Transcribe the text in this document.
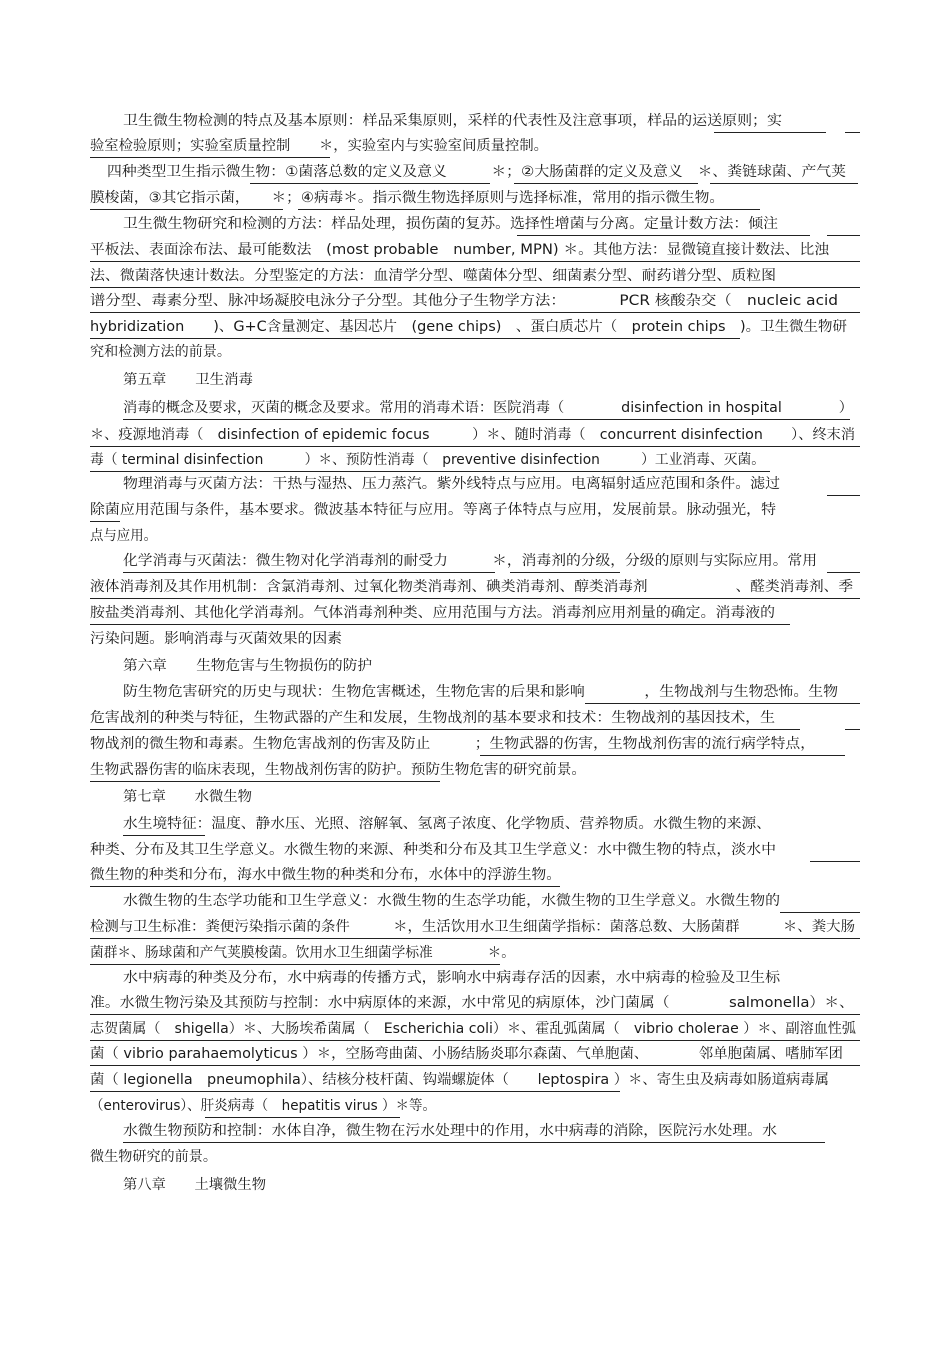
卫生微生物检测的特点及基本原则：样品采集原则，采样的代表性及注意事项，样品的运送原则；实
验室检验原则；实验室质量控制　　＊，实验室内与实验室间质量控制。
四种类型卫生指示微生物：①菌落总数的定义及意义　　　＊；②大肠菌群的定义及意义　＊、粪链球菌、产气荚
膜梭菌，③其它指示菌，　　＊；④病毒＊。指示微生物选择原则与选择标准，常用的指示微生物。
卫生微生物研究和检测的方法：样品处理，损伤菌的复苏。选择性增菌与分离。定量计数方法：倾注
平板法、表面涂布法、最可能数法　(most probable　number, MPN) ＊。其他方法：显微镜直接计数法、比浊
法、微菌落快速计数法。分型鉴定的方法：血清学分型、噬菌体分型、细菌素分型、耐药谱分型、质粒图
谱分型、毒素分型、脉冲场凝胶电泳分子分型。其他分子生物学方法：　　　　PCR 核酸杂交（　nucleic acid
hybridization　　)、G+C含量测定、基因芯片　(gene chips)　、蛋白质芯片（　protein chips　)。卫生微生物研
究和检测方法的前景。
第五章　　卫生消毒
消毒的概念及要求，灭菌的概念及要求。常用的消毒术语：医院消毒（　　　　disinfection in hospital　　　　）
＊、疫源地消毒（　disinfection of epidemic focus　　　）＊、随时消毒（　concurrent disinfection　　）、终末消
毒（ terminal disinfection　　　）＊、预防性消毒（　preventive disinfection　　　）工业消毒、灭菌。
物理消毒与灭菌方法：干热与湿热、压力蒸汽。紫外线特点与应用。电离辐射适应范围和条件。滤过
除菌应用范围与条件，基本要求。微波基本特征与应用。等离子体特点与应用，发展前景。脉动强光，特
点与应用。
化学消毒与灭菌法：微生物对化学消毒剂的耐受力　　　＊，消毒剂的分级，分级的原则与实际应用。常用
液体消毒剂及其作用机制：含氯消毒剂、过氧化物类消毒剂、碘类消毒剂、醇类消毒剂　　　　　　、醛类消毒剂、季
胺盐类消毒剂、其他化学消毒剂。气体消毒剂种类、应用范围与方法。消毒剂应用剂量的确定。消毒液的
污染问题。影响消毒与灭菌效果的因素
第六章　　生物危害与生物损伤的防护
防生物危害研究的历史与现状：生物危害概述，生物危害的后果和影响　　　　，生物战剂与生物恐怖。生物
危害战剂的种类与特征，生物武器的产生和发展，生物战剂的基本要求和技术：生物战剂的基因技术，生
物战剂的微生物和毒素。生物危害战剂的伤害及防止　　　；生物武器的伤害，生物战剂伤害的流行病学特点，
生物武器伤害的临床表现，生物战剂伤害的防护。预防生物危害的研究前景。
第七章　　水微生物
水生境特征：温度、静水压、光照、溶解氧、氢离子浓度、化学物质、营养物质。水微生物的来源、
种类、分布及其卫生学意义。水微生物的来源、种类和分布及其卫生学意义：水中微生物的特点，淡水中
微生物的种类和分布，海水中微生物的种类和分布，水体中的浮游生物。
水微生物的生态学功能和卫生学意义：水微生物的生态学功能，水微生物的卫生学意义。水微生物的
检测与卫生标准：粪便污染指示菌的条件　　　＊，生活饮用水卫生细菌学指标：菌落总数、大肠菌群　　　＊、粪大肠
菌群＊、肠球菌和产气荚膜梭菌。饮用水卫生细菌学标准　　　　＊。
水中病毒的种类及分布，水中病毒的传播方式，影响水中病毒存活的因素，水中病毒的检验及卫生标
准。水微生物污染及其预防与控制：水中病原体的来源，水中常见的病原体，沙门菌属（　　　　salmonella）＊、
志贺菌属（　shigella）＊、大肠埃希菌属（　Escherichia coli）＊、霍乱弧菌属（　vibrio cholerae ）＊、副溶血性弧
菌（ vibrio parahaemolyticus ）＊，空肠弯曲菌、小肠结肠炎耶尔森菌、气单胞菌、　　　　邻单胞菌属、嗜肺军团
菌（ legionella　pneumophila）、结核分枝杆菌、钩端螺旋体（　　leptospira ）＊、寄生虫及病毒如肠道病毒属
（enterovirus）、肝炎病毒（　hepatitis virus ）＊等。
水微生物预防和控制：水体自净，微生物在污水处理中的作用，水中病毒的消除，医院污水处理。水
微生物研究的前景。
第八章　　土壤微生物
